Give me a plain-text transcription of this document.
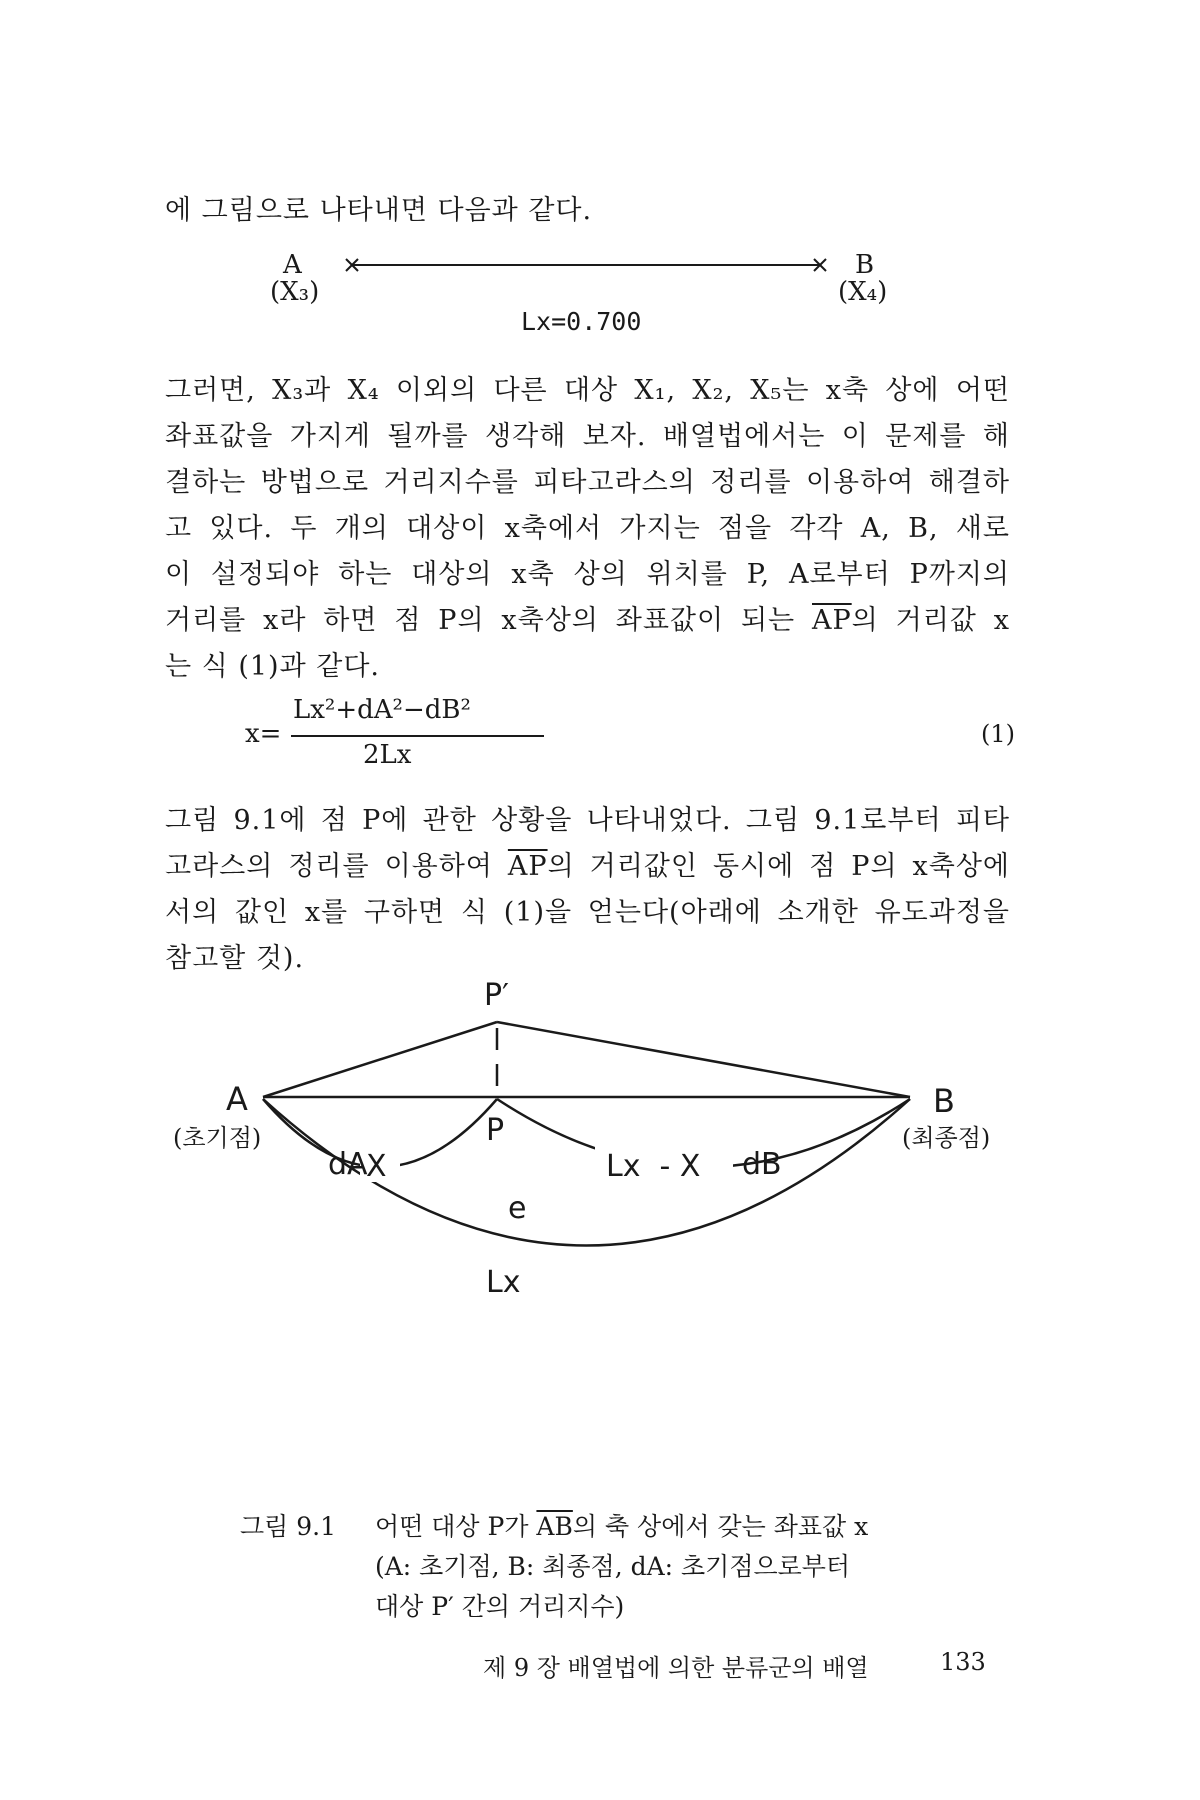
에 그림으로 나타내면 다음과 같다.
A
(X₃)
B
(X₄)
Lx=0.700
그러면, X₃과 X₄ 이외의 다른 대상 X₁, X₂, X₅는 x축 상에 어떤
좌표값을 가지게 될까를 생각해 보자. 배열법에서는 이 문제를 해
결하는 방법으로 거리지수를 피타고라스의 정리를 이용하여 해결하
고 있다. 두 개의 대상이 x축에서 가지는 점을 각각 A, B, 새로
이 설정되야 하는 대상의 x축 상의 위치를 P, A로부터 P까지의
거리를 x라 하면 점 P의 x축상의 좌표값이 되는 $\overline{AP}$의 거리값 x
는 식 (1)과 같다.
x=
Lx²+dA²−dB²
2Lx
(1)
그림 9.1에 점 P에 관한 상황을 나타내었다. 그림 9.1로부터 피타
고라스의 정리를 이용하여 $\overline{AP}$의 거리값인 동시에 점 P의 x축상에
서의 값인 x를 구하면 식 (1)을 얻는다(아래에 소개한 유도과정을
참고할 것).
P′
dA	dB
e
A	B
P
X	Lx  - X
Lx
(초기점)	(최종점)
그림 9.1 어떤 대상 P가 $\overline{AB}$의 축 상에서 갖는 좌표값 x
(A: 초기점, B: 최종점, dA: 초기점으로부터
대상 P′ 간의 거리지수)
제 9 장 배열법에 의한 분류군의 배열	133
